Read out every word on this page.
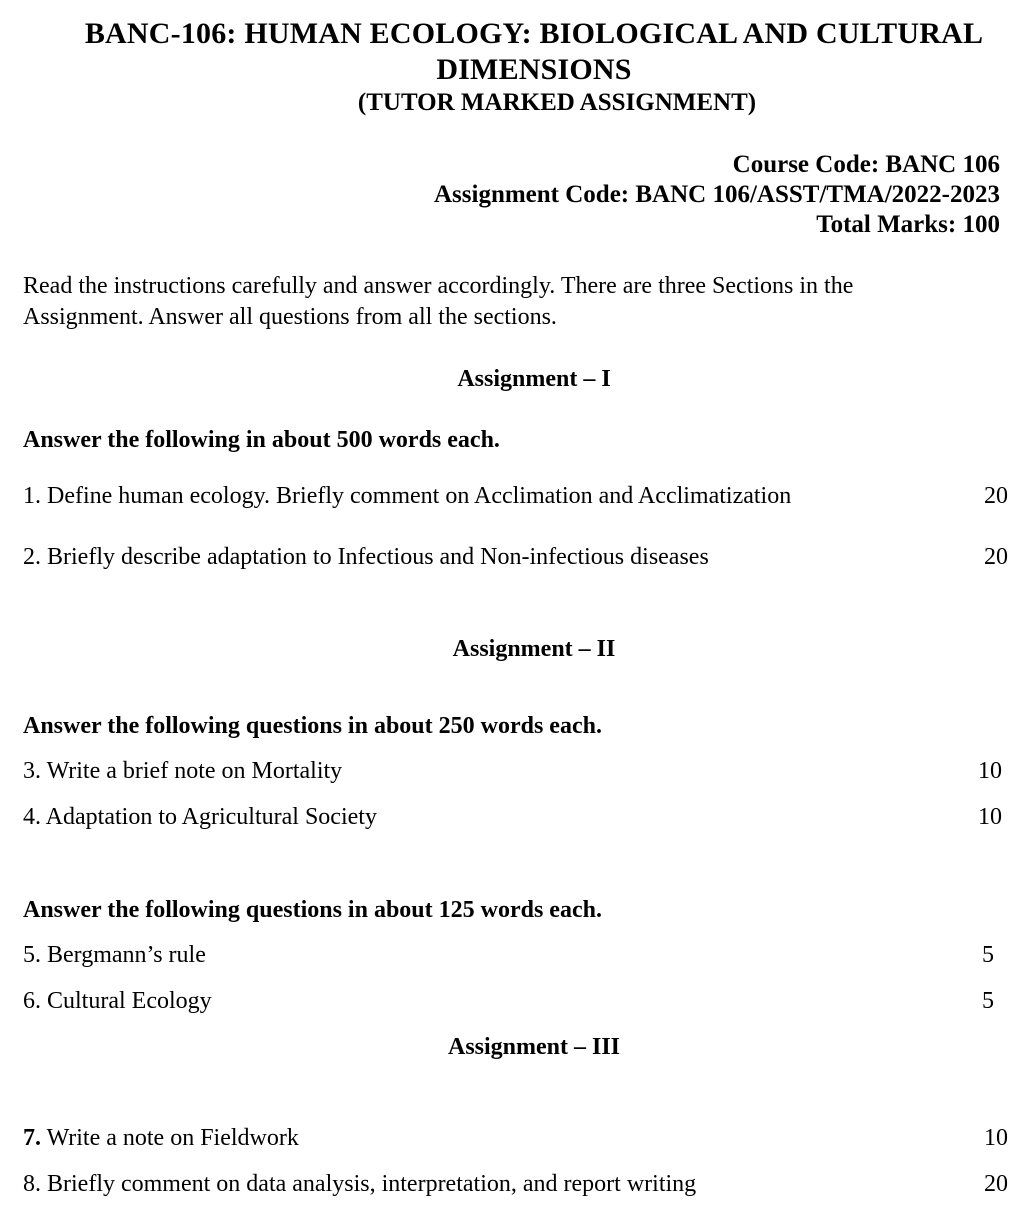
BANC-106: HUMAN ECOLOGY: BIOLOGICAL AND CULTURAL
DIMENSIONS
(TUTOR MARKED ASSIGNMENT)
Course Code: BANC 106
Assignment Code: BANC 106/ASST/TMA/2022-2023
Total Marks: 100
Read the instructions carefully and answer accordingly. There are three Sections in the
Assignment. Answer all questions from all the sections.
Assignment – I
Answer the following in about 500 words each.
1. Define human ecology. Briefly comment on Acclimation and Acclimatization	20
2. Briefly describe adaptation to Infectious and Non-infectious diseases	20
Assignment – II
Answer the following questions in about 250 words each.
3. Write a brief note on Mortality	10
4. Adaptation to Agricultural Society	10
Answer the following questions in about 125 words each.
5. Bergmann’s rule	5
6. Cultural Ecology	5
Assignment – III
7. Write a note on Fieldwork	10
8. Briefly comment on data analysis, interpretation, and report writing	20
